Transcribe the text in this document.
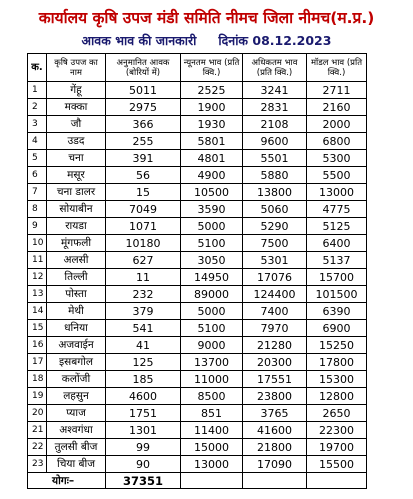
कार्यालय कृषि उपज मंडी समिति नीमच जिला नीमच(म.प्र.)
आवक भाव की जानकारी दिनांक 08.12.2023
क.	कृषि उपज का नाम	अनुमानित आवक (बोरियों में)	न्यूनतम भाव (प्रति क्वि.)	अधिकतम भाव (प्रति क्वि.)	मॉडल भाव (प्रति क्वि.)
1	गेंहू	5011	2525	3241	2711
2	मक्का	2975	1900	2831	2160
3	जौ	366	1930	2108	2000
4	उडद	255	5801	9600	6800
5	चना	391	4801	5501	5300
6	मसूर	56	4900	5880	5500
7	चना डालर	15	10500	13800	13000
8	सोयाबीन	7049	3590	5060	4775
9	रायडा	1071	5000	5290	5125
10	मूंगफली	10180	5100	7500	6400
11	अलसी	627	3050	5301	5137
12	तिल्ली	11	14950	17076	15700
13	पोस्ता	232	89000	124400	101500
14	मेथी	379	5000	7400	6390
15	धनिया	541	5100	7970	6900
16	अजवाईन	41	9000	21280	15250
17	इसबगोल	125	13700	20300	17800
18	कलोंजी	185	11000	17551	15300
19	लहसुन	4600	8500	23800	12800
20	प्याज	1751	851	3765	2650
21	अश्वगंधा	1301	11400	41600	22300
22	तुलसी बीज	99	15000	21800	19700
23	चिया बीज	90	13000	17090	15500
योगः–		37351			
